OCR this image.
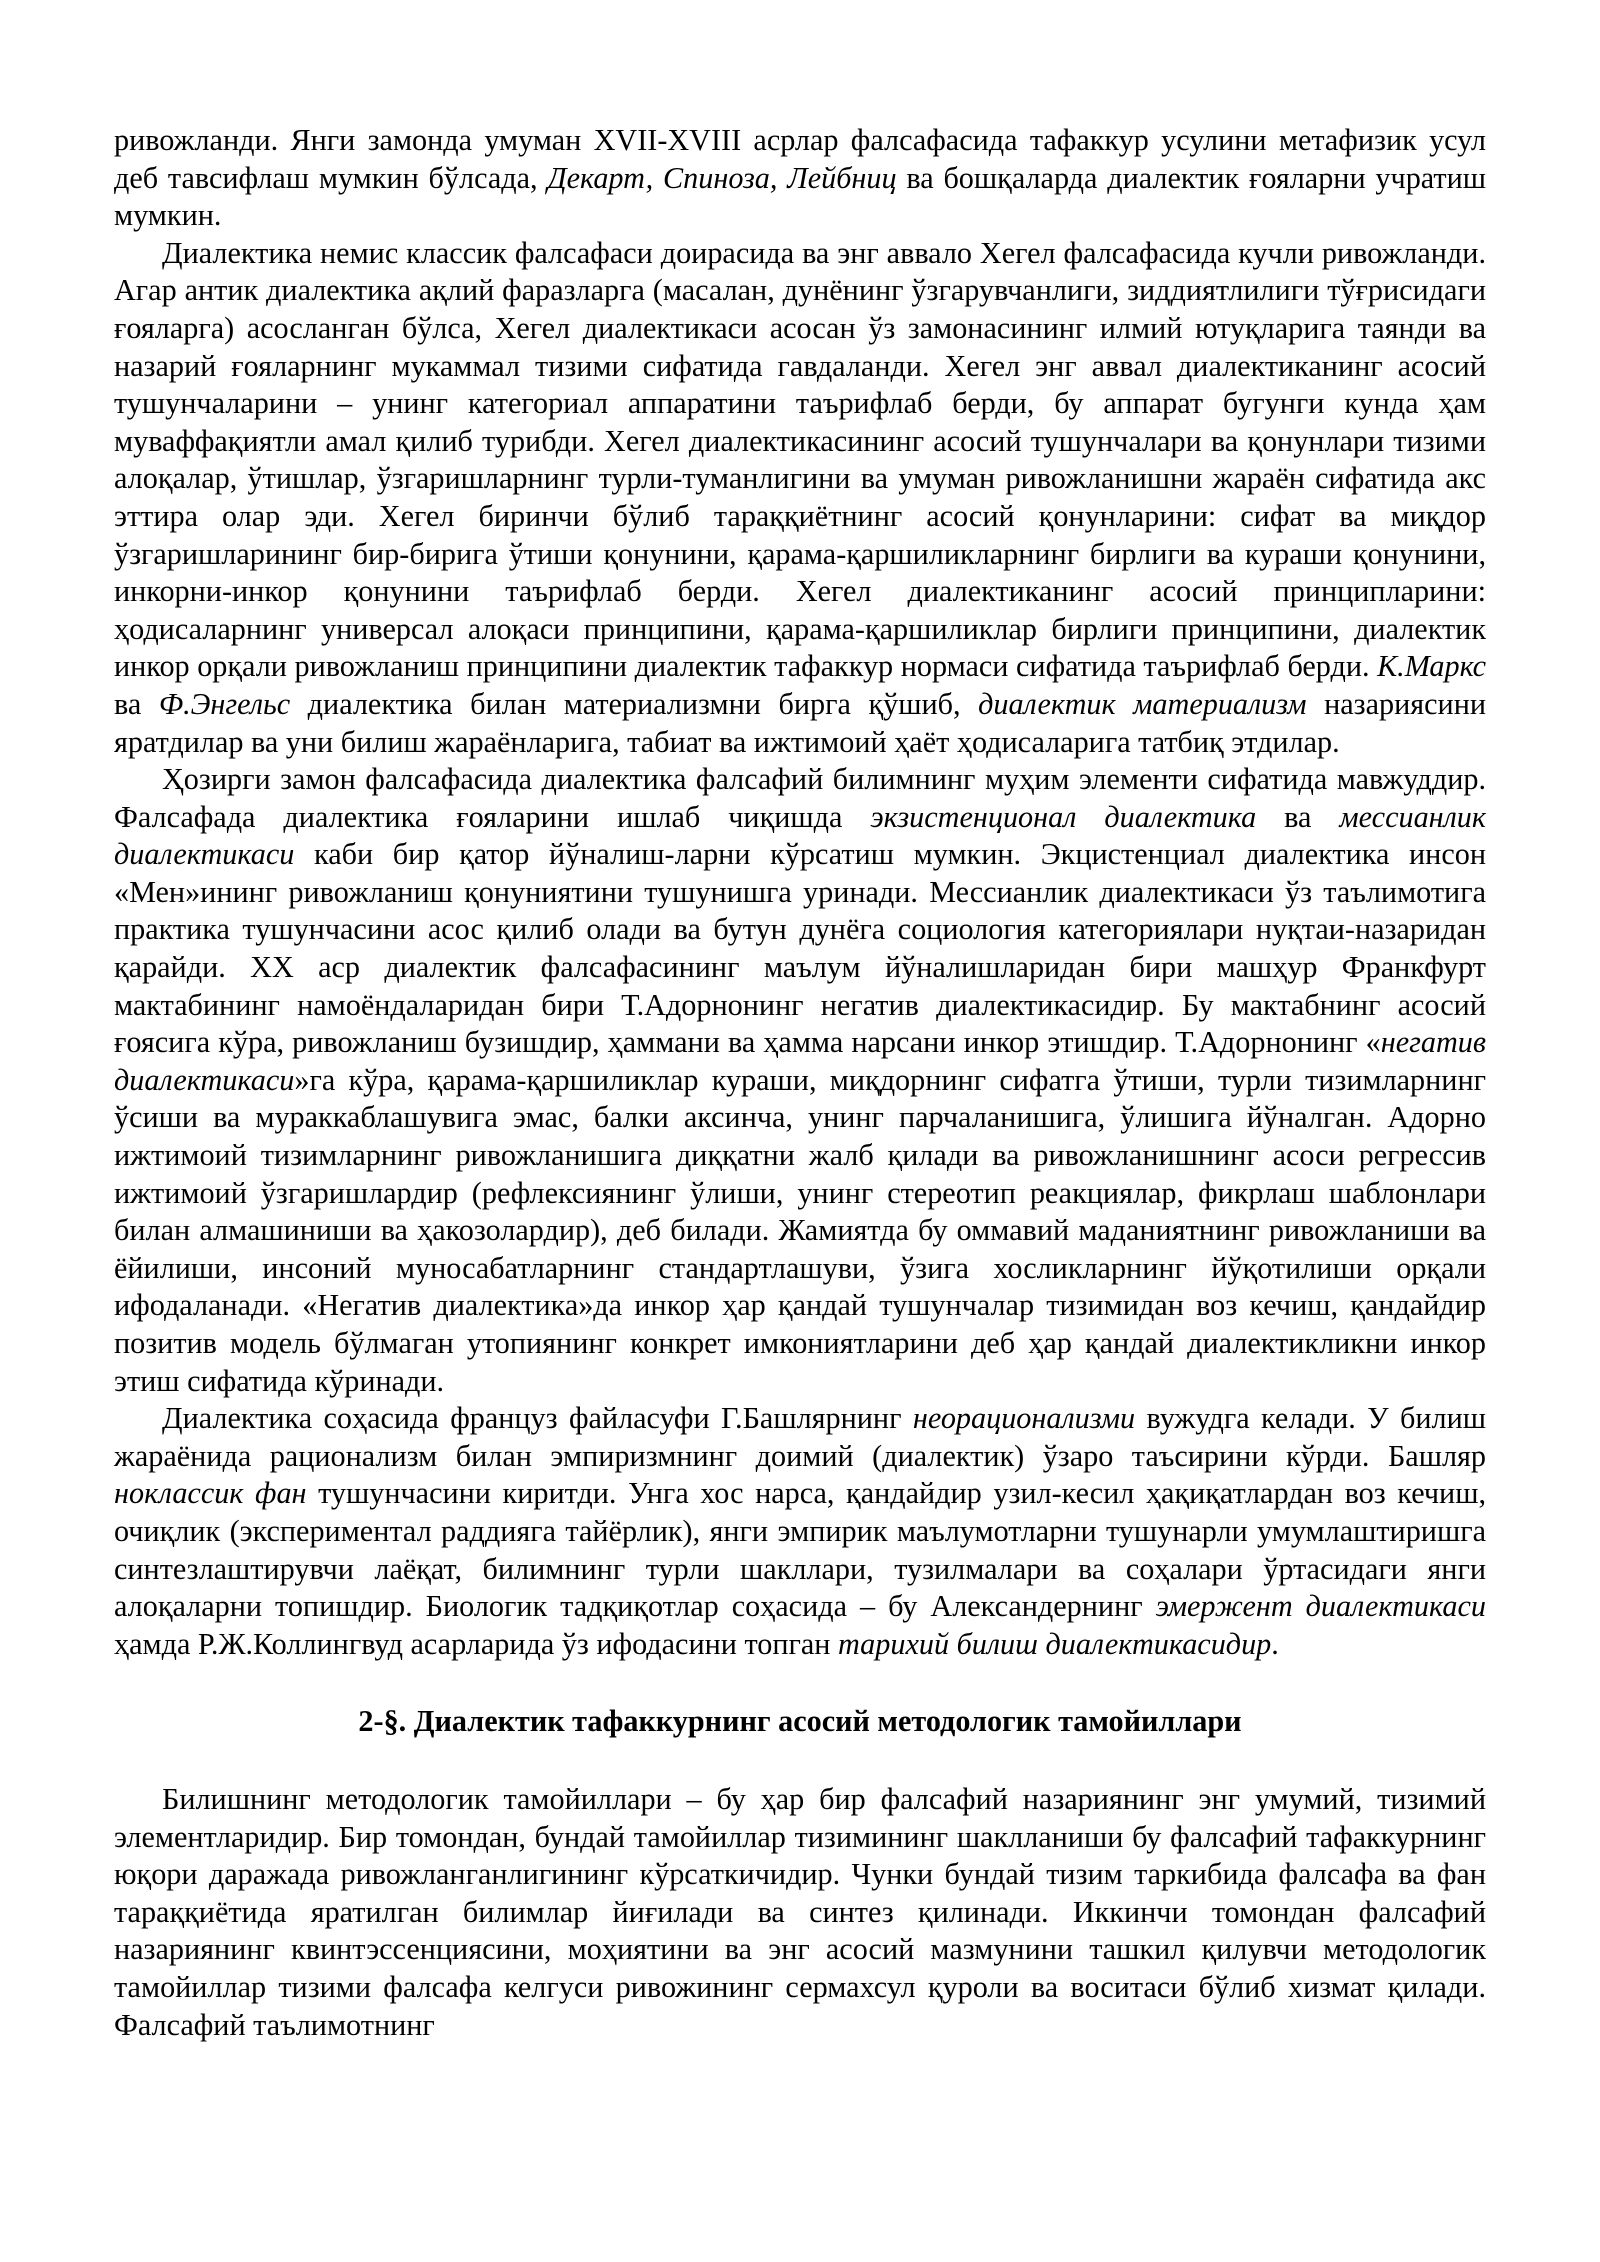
ривожланди. Янги замонда умуман XVII-XVIII асрлар фалсафасида тафаккур усулини метафизик усул деб тавсифлаш мумкин бўлсада, Декарт, Спиноза, Лейбниц ва бошқаларда диалектик ғояларни учратиш мумкин.

Диалектика немис классик фалсафаси доирасида ва энг аввало Хегел фалсафасида кучли ривожланди. Агар антик диалектика ақлий фаразларга (масалан, дунёнинг ўзгарувчанлиги, зиддиятлилиги тўғрисидаги ғояларга) асосланган бўлса, Хегел диалектикаси асосан ўз замонасининг илмий ютуқларига таянди ва назарий ғояларнинг мукаммал тизими сифатида гавдаланди. Хегел энг аввал диалектиканинг асосий тушунчаларини – унинг категориал аппаратини таърифлаб берди, бу аппарат бугунги кунда ҳам муваффақиятли амал қилиб турибди. Хегел диалектикасининг асосий тушунчалари ва қонунлари тизими алоқалар, ўтишлар, ўзгаришларнинг турли-туманлигини ва умуман ривожланишни жараён сифатида акс эттира олар эди. Хегел биринчи бўлиб тараққиётнинг асосий қонунларини: сифат ва миқдор ўзгаришларининг бир-бирига ўтиши қонунини, қарама-қаршиликларнинг бирлиги ва кураши қонунини, инкорни-инкор қонунини таърифлаб берди. Хегел диалектиканинг асосий принципларини: ҳодисаларнинг универсал алоқаси принципини, қарама-қаршиликлар бирлиги принципини, диалектик инкор орқали ривожланиш принципини диалектик тафаккур нормаси сифатида таърифлаб берди. К.Маркс ва Ф.Энгельс диалектика билан материализмни бирга қўшиб, диалектик материализм назариясини яратдилар ва уни билиш жараёнларига, табиат ва ижтимоий ҳаёт ҳодисаларига татбиқ этдилар.

Ҳозирги замон фалсафасида диалектика фалсафий билимнинг муҳим элементи сифатида мавжуддир. Фалсафада диалектика ғояларини ишлаб чиқишда экзистенционал диалектика ва мессианлик диалектикаси каби бир қатор йўналиш-ларни кўрсатиш мумкин. Экцистенциал диалектика инсон «Мен»ининг ривожланиш қонуниятини тушунишга уринади. Мессианлик диалектикаси ўз таълимотига практика тушунчасини асос қилиб олади ва бутун дунёга социология категориялари нуқтаи-назаридан қарайди. ХХ аср диалектик фалсафасининг маълум йўналишларидан бири машҳур Франкфурт мактабининг намоёндаларидан бири Т.Адорнонинг негатив диалектикасидир. Бу мактабнинг асосий ғоясига кўра, ривожланиш бузишдир, ҳаммани ва ҳамма нарсани инкор этишдир. Т.Адорнонинг «негатив диалектикаси»га кўра, қарама-қаршиликлар кураши, миқдорнинг сифатга ўтиши, турли тизимларнинг ўсиши ва мураккаблашувига эмас, балки аксинча, унинг парчаланишига, ўлишига йўналган. Адорно ижтимоий тизимларнинг ривожланишига диққатни жалб қилади ва ривожланишнинг асоси регрессив ижтимоий ўзгаришлардир (рефлексиянинг ўлиши, унинг стереотип реакциялар, фикрлаш шаблонлари билан алмашиниши ва ҳакозолардир), деб билади. Жамиятда бу оммавий маданиятнинг ривожланиши ва ёйилиши, инсоний муносабатларнинг стандартлашуви, ўзига хосликларнинг йўқотилиши орқали ифодаланади. «Негатив диалектика»да инкор ҳар қандай тушунчалар тизимидан воз кечиш, қандайдир позитив модель бўлмаган утопиянинг конкрет имкониятларини деб ҳар қандай диалектикликни инкор этиш сифатида кўринади.

Диалектика соҳасида француз файласуфи Г.Башлярнинг неорационализми вужудга келади. У билиш жараёнида рационализм билан эмпиризмнинг доимий (диалектик) ўзаро таъсирини кўрди. Башляр ноклассик фан тушунчасини киритди. Унга хос нарса, қандайдир узил-кесил ҳақиқатлардан воз кечиш, очиқлик (экспериментал раддияга тайёрлик), янги эмпирик маълумотларни тушунарли умумлаштиришга синтезлаштирувчи лаёқат, билимнинг турли шакллари, тузилмалари ва соҳалари ўртасидаги янги алоқаларни топишдир. Биологик тадқиқотлар соҳасида – бу Александернинг эмержент диалектикаси ҳамда Р.Ж.Коллингвуд асарларида ўз ифодасини топган тарихий билиш диалектикасидир.

2-§. Диалектик тафаккурнинг асосий методологик тамойиллари

Билишнинг методологик тамойиллари – бу ҳар бир фалсафий назариянинг энг умумий, тизимий элементларидир. Бир томондан, бундай тамойиллар тизимининг шаклланиши бу фалсафий тафаккурнинг юқори даражада ривожланганлигининг кўрсаткичидир. Чунки бундай тизим таркибида фалсафа ва фан тараққиётида яратилган билимлар йиғилади ва синтез қилинади. Иккинчи томондан фалсафий назариянинг квинтэссенциясини, моҳиятини ва энг асосий мазмунини ташкил қилувчи методологик тамойиллар тизими фалсафа келгуси ривожининг сермахсул қуроли ва воситаси бўлиб хизмат қилади. Фалсафий таълимотнинг
